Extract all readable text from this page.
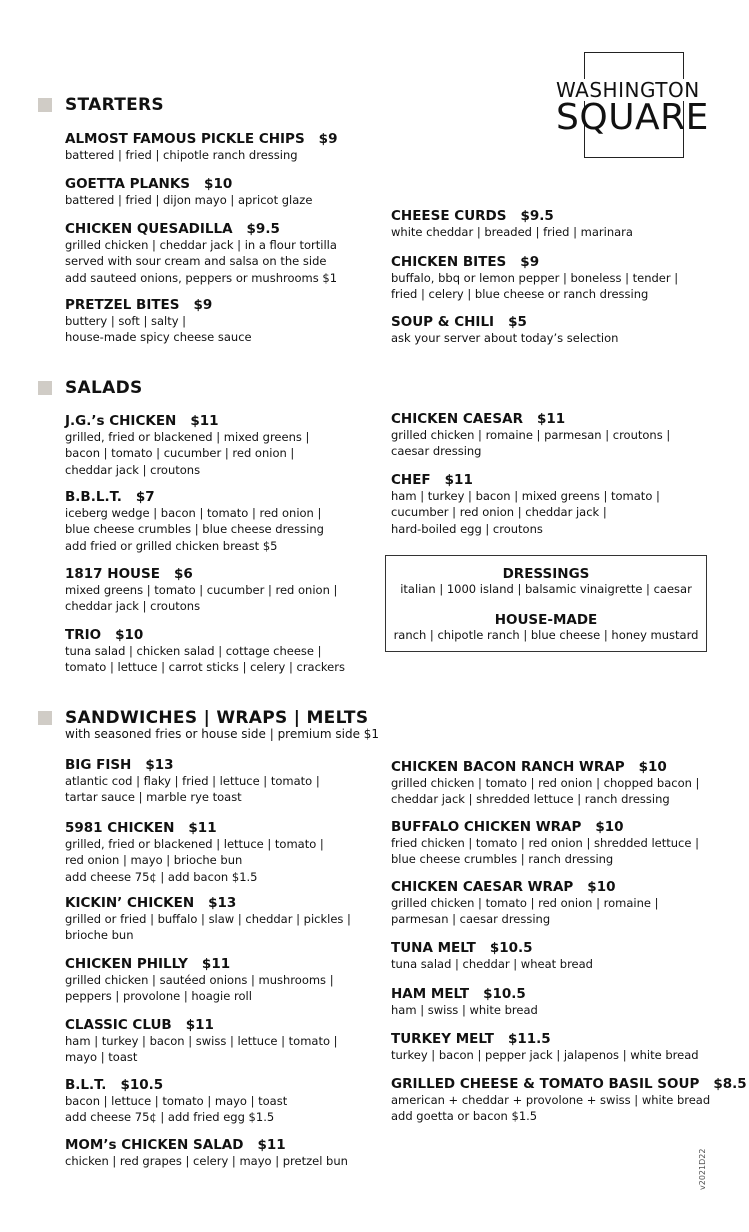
WASHINGTON
SQUARE
STARTERS
SALADS
SANDWICHES | WRAPS | MELTS
with seasoned fries or house side | premium side $1
ALMOST FAMOUS PICKLE CHIPS $9
battered | fried | chipotle ranch dressing
GOETTA PLANKS $10
battered | fried | dijon mayo | apricot glaze
CHICKEN QUESADILLA $9.5
grilled chicken | cheddar jack | in a flour tortilla
served with sour cream and salsa on the side
add sauteed onions, peppers or mushrooms $1
PRETZEL BITES $9
buttery | soft | salty |
house-made spicy cheese sauce
CHEESE CURDS $9.5
white cheddar | breaded | fried | marinara
CHICKEN BITES $9
buffalo, bbq or lemon pepper | boneless | tender |
fried | celery | blue cheese or ranch dressing
SOUP & CHILI $5
ask your server about today’s selection
J.G.’s CHICKEN $11
grilled, fried or blackened | mixed greens |
bacon | tomato | cucumber | red onion |
cheddar jack | croutons
B.B.L.T. $7
iceberg wedge | bacon | tomato | red onion |
blue cheese crumbles | blue cheese dressing
add fried or grilled chicken breast $5
1817 HOUSE $6
mixed greens | tomato | cucumber | red onion |
cheddar jack | croutons
TRIO $10
tuna salad | chicken salad | cottage cheese |
tomato | lettuce | carrot sticks | celery | crackers
CHICKEN CAESAR $11
grilled chicken | romaine | parmesan | croutons |
caesar dressing
CHEF $11
ham | turkey | bacon | mixed greens | tomato |
cucumber | red onion | cheddar jack |
hard-boiled egg | croutons
DRESSINGS
italian | 1000 island | balsamic vinaigrette | caesar
HOUSE-MADE
ranch | chipotle ranch | blue cheese | honey mustard
BIG FISH $13
atlantic cod | flaky | fried | lettuce | tomato |
tartar sauce | marble rye toast
5981 CHICKEN $11
grilled, fried or blackened | lettuce | tomato |
red onion | mayo | brioche bun
add cheese 75¢ | add bacon $1.5
KICKIN’ CHICKEN $13
grilled or fried | buffalo | slaw | cheddar | pickles |
brioche bun
CHICKEN PHILLY $11
grilled chicken | sautéed onions | mushrooms |
peppers | provolone | hoagie roll
CLASSIC CLUB $11
ham | turkey | bacon | swiss | lettuce | tomato |
mayo | toast
B.L.T. $10.5
bacon | lettuce | tomato | mayo | toast
add cheese 75¢ | add fried egg $1.5
MOM’s CHICKEN SALAD $11
chicken | red grapes | celery | mayo | pretzel bun
CHICKEN BACON RANCH WRAP $10
grilled chicken | tomato | red onion | chopped bacon |
cheddar jack | shredded lettuce | ranch dressing
BUFFALO CHICKEN WRAP $10
fried chicken | tomato | red onion | shredded lettuce |
blue cheese crumbles | ranch dressing
CHICKEN CAESAR WRAP $10
grilled chicken | tomato | red onion | romaine |
parmesan | caesar dressing
TUNA MELT $10.5
tuna salad | cheddar | wheat bread
HAM MELT $10.5
ham | swiss | white bread
TURKEY MELT $11.5
turkey | bacon | pepper jack | jalapenos | white bread
GRILLED CHEESE & TOMATO BASIL SOUP $8.5
american + cheddar + provolone + swiss | white bread
add goetta or bacon $1.5
v2021D22
